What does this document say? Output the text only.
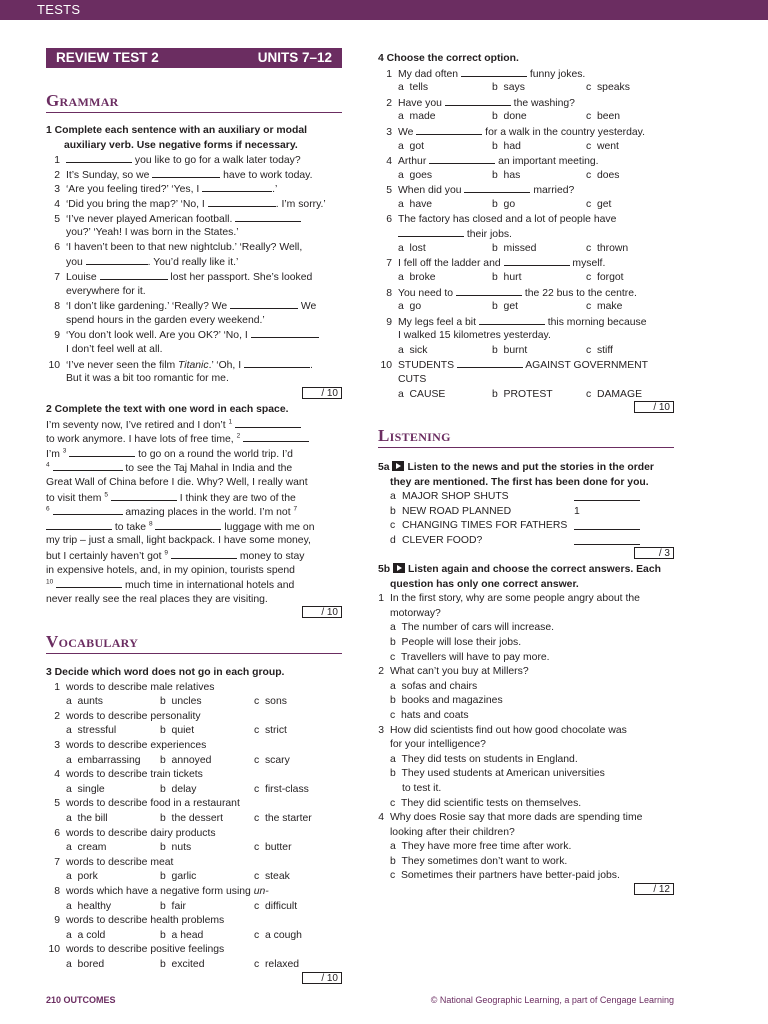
TESTS
REVIEW TEST 2	UNITS 7–12
Grammar
1 Complete each sentence with an auxiliary or modal
auxiliary verb. Use negative forms if necessary.
1	you like to go for a walk later today?
2 It’s Sunday, so we	have to work today.
3 ‘Are you feeling tired?’ ‘Yes, I	.’
4 ‘Did you bring the map?’ ‘No, I	. I’m sorry.’
5 ‘I’ve never played American football.
you?’ ‘Yeah! I was born in the States.’
6 ‘I haven’t been to that new nightclub.’ ‘Really? Well,
you	. You’d really like it.’
7 Louise	lost her passport. She’s looked
everywhere for it.
8 ‘I don’t like gardening.’ ‘Really? We	We
spend hours in the garden every weekend.’
9 ‘You don’t look well. Are you OK?’ ‘No, I
I don’t feel well at all.
10 ‘I’ve never seen the film Titanic.’ ‘Oh, I	.
But it was a bit too romantic for me.
/ 10
2 Complete the text with one word in each space.
I’m seventy now, I’ve retired and I don’t $^1$
to work anymore. I have lots of free time, $^2$
I’m $^3$	to go on a round the world trip. I’d
$^4$	to see the Taj Mahal in India and the
Great Wall of China before I die. Why? Well, I really want
to visit them $^5$	I think they are two of the
$^6$	amazing places in the world. I’m not $^7$
to take $^8$	luggage with me on
my trip – just a small, light backpack. I have some money,
but I certainly haven’t got $^9$	money to stay
in expensive hotels, and, in my opinion, tourists spend
$^{10}$	much time in international hotels and
never really see the real places they are visiting.
/ 10
Vocabulary
3 Decide which word does not go in each group.
1 words to describe male relatives
a  aunts	b  uncles	c  sons
2 words to describe personality
a  stressful	b  quiet	c  strict
3 words to describe experiences
a  embarrassing b  annoyed	c  scary
4 words to describe train tickets
a  single	b  delay	c  first-class
5 words to describe food in a restaurant
a  the bill	b  the dessert	c  the starter
6 words to describe dairy products
a  cream	b  nuts	c  butter
7 words to describe meat
a  pork	b  garlic	c  steak
8 words which have a negative form using un-
a  healthy	b  fair	c  difficult
9 words to describe health problems
a  a cold	b  a head	c  a cough
10 words to describe positive feelings
a  bored	b  excited	c  relaxed
/ 10
4 Choose the correct option.
1 My dad often	funny jokes.
a  tells	b  says	c  speaks
2 Have you	the washing?
a  made	b  done	c  been
3 We	for a walk in the country yesterday.
a  got	b  had	c  went
4 Arthur	an important meeting.
a  goes	b  has	c  does
5 When did you	married?
a  have	b  go	c  get
6 The factory has closed and a lot of people have
their jobs.
a  lost	b  missed	c  thrown
7 I fell off the ladder and	myself.
a  broke	b  hurt	c  forgot
8 You need to	the 22 bus to the centre.
a  go	b  get	c  make
9 My legs feel a bit	this morning because
I walked 15 kilometres yesterday.
a  sick	b  burnt	c  stiff
10 STUDENTS	AGAINST GOVERNMENT
CUTS
a  CAUSE	b  PROTEST	c  DAMAGE
/ 10
Listening
5a Listen to the news and put the stories in the order
they are mentioned. The first has been done for you.
a MAJOR SHOP SHUTS
b NEW ROAD PLANNED	1
c CHANGING TIMES FOR FATHERS
d CLEVER FOOD?
/ 3
5b Listen again and choose the correct answers. Each
question has only one correct answer.
1 In the first story, why are some people angry about the
motorway?
a  The number of cars will increase.
b  People will lose their jobs.
c  Travellers will have to pay more.
2 What can’t you buy at Millers?
a  sofas and chairs
b  books and magazines
c  hats and coats
3 How did scientists find out how good chocolate was
for your intelligence?
a  They did tests on students in England.
b  They used students at American universities
to test it.
c  They did scientific tests on themselves.
4 Why does Rosie say that more dads are spending time
looking after their children?
a  They have more free time after work.
b  They sometimes don’t want to work.
c  Sometimes their partners have better-paid jobs.
/ 12
210 OUTCOMES	© National Geographic Learning, a part of Cengage Learning
